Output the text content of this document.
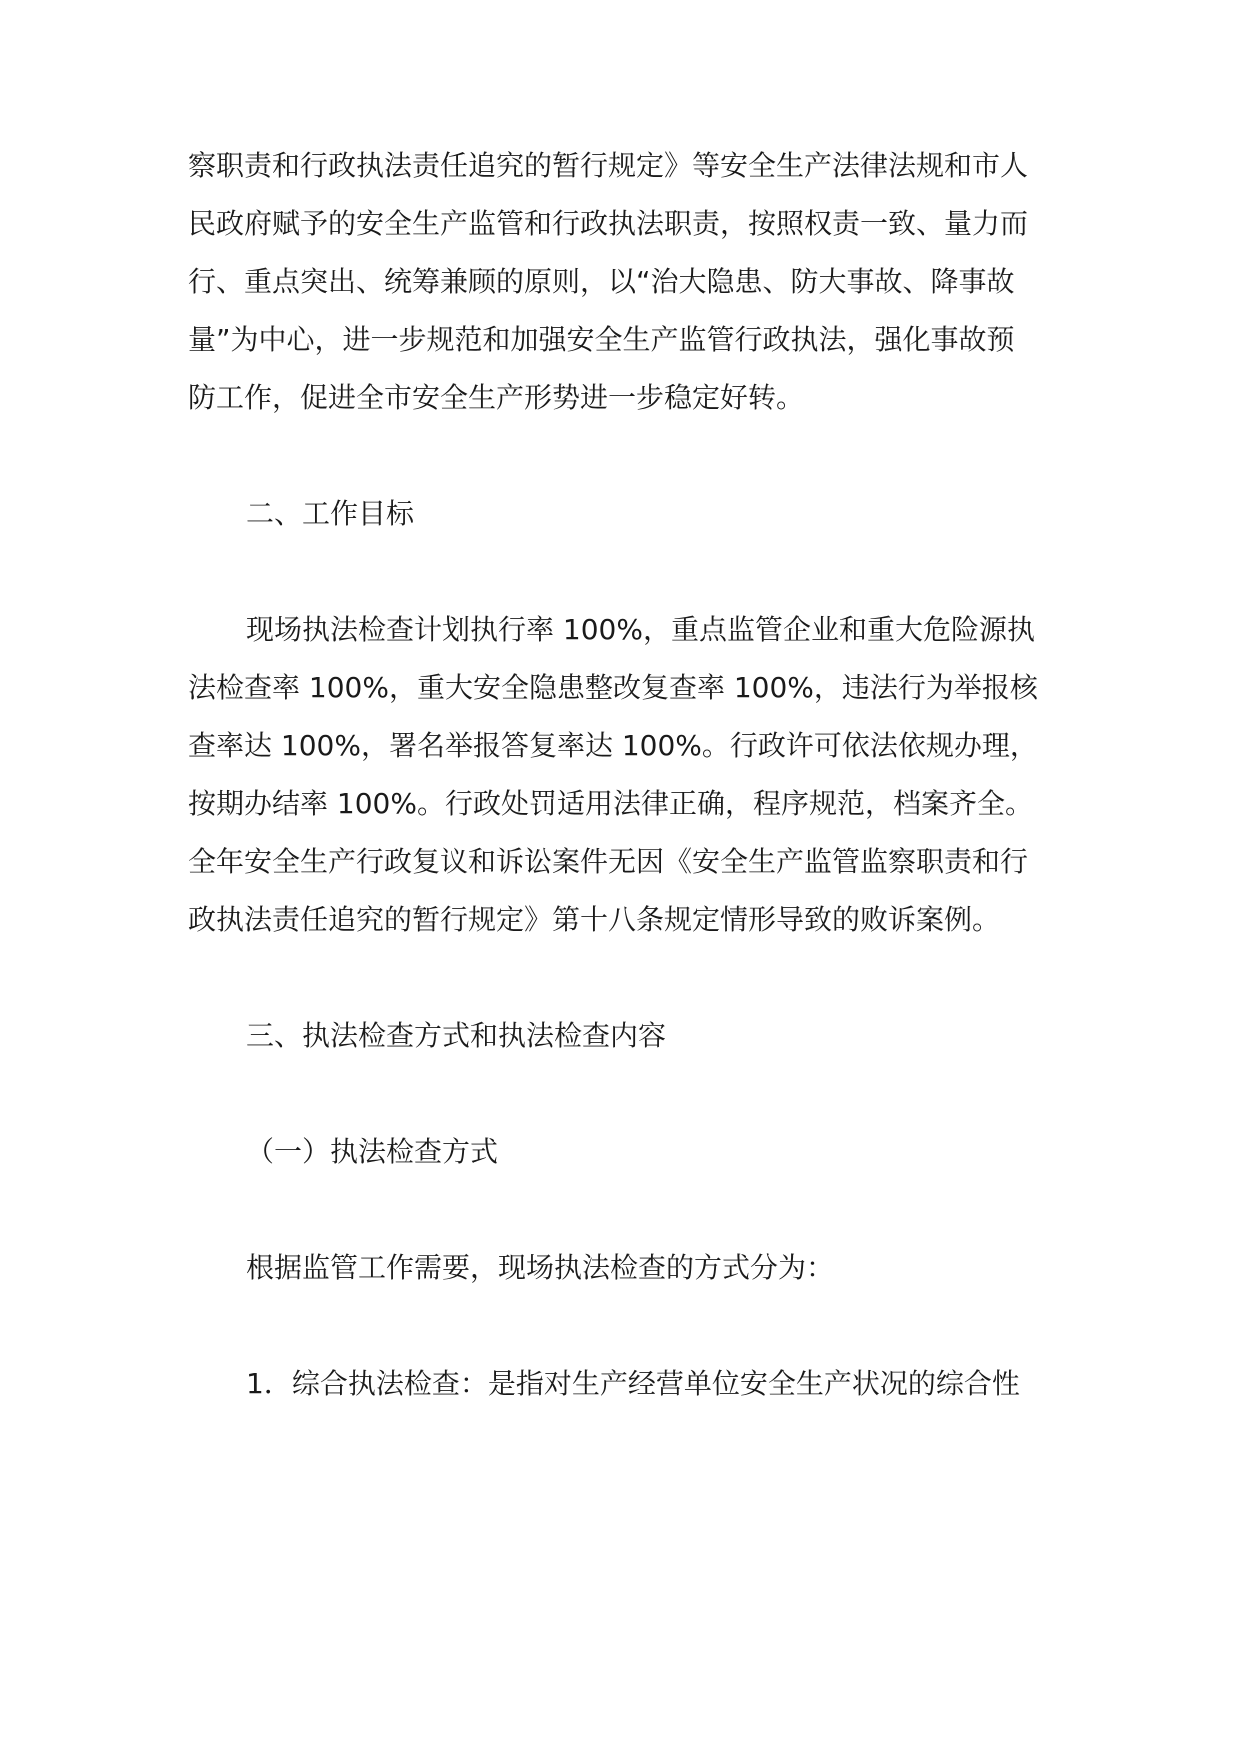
察职责和行政执法责任追究的暂行规定》等安全生产法律法规和市人
民政府赋予的安全生产监管和行政执法职责，按照权责一致、量力而
行、重点突出、统筹兼顾的原则，以“治大隐患、防大事故、降事故
量”为中心，进一步规范和加强安全生产监管行政执法，强化事故预
防工作，促进全市安全生产形势进一步稳定好转。
二、工作目标
现场执法检查计划执行率 100%，重点监管企业和重大危险源执
法检查率 100%，重大安全隐患整改复查率 100%，违法行为举报核
查率达 100%，署名举报答复率达 100%。行政许可依法依规办理，
按期办结率 100%。行政处罚适用法律正确，程序规范，档案齐全。
全年安全生产行政复议和诉讼案件无因《安全生产监管监察职责和行
政执法责任追究的暂行规定》第十八条规定情形导致的败诉案例。
三、执法检查方式和执法检查内容
（一）执法检查方式
根据监管工作需要，现场执法检查的方式分为：
1．综合执法检查：是指对生产经营单位安全生产状况的综合性
